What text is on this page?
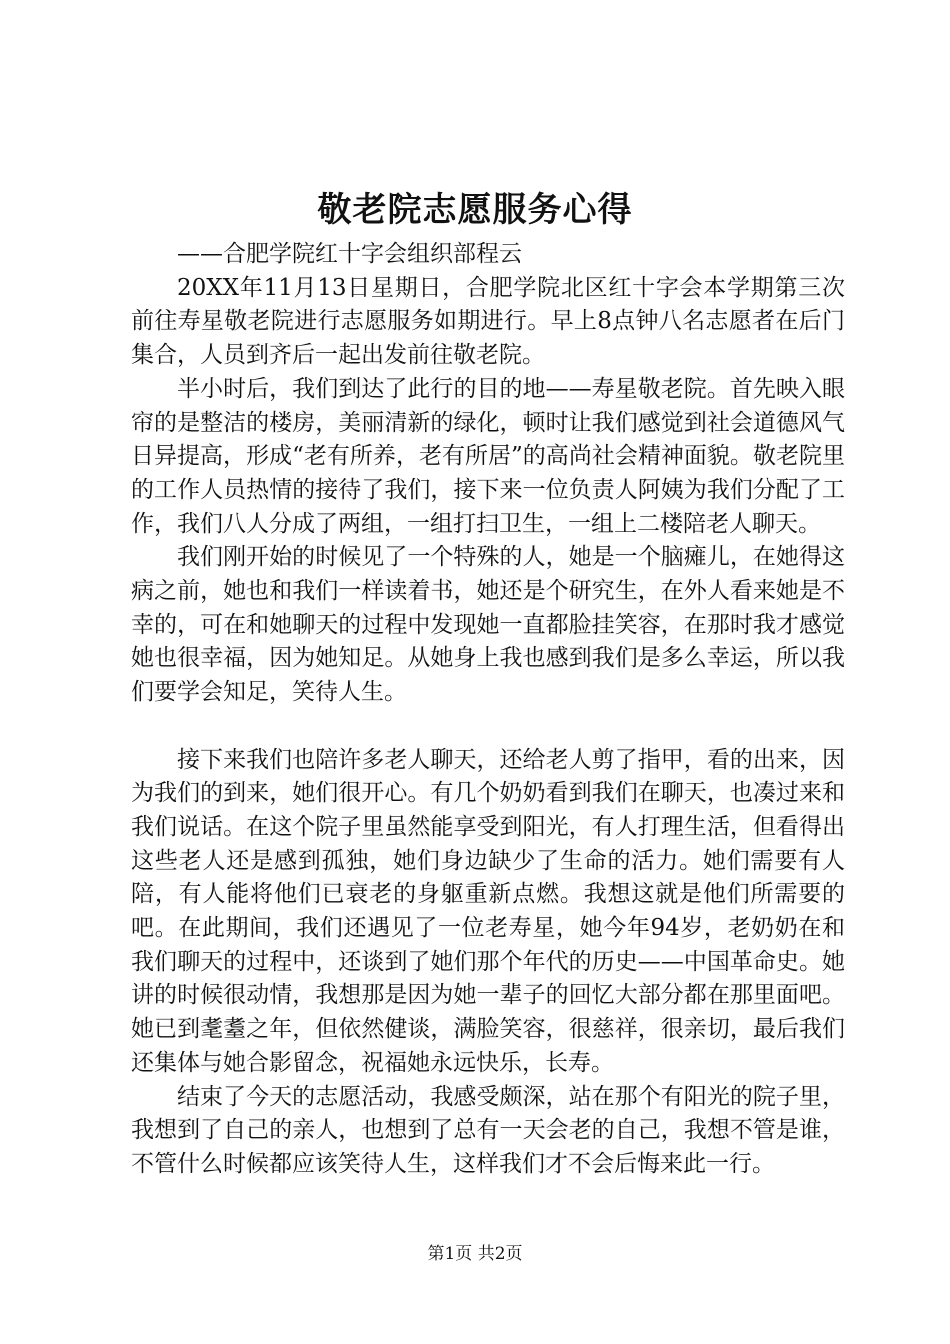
敬老院志愿服务心得

——合肥学院红十字会组织部程云

20XX年11月13日星期日，合肥学院北区红十字会本学期第三次前往寿星敬老院进行志愿服务如期进行。早上8点钟八名志愿者在后门集合，人员到齐后一起出发前往敬老院。

半小时后，我们到达了此行的目的地——寿星敬老院。首先映入眼帘的是整洁的楼房，美丽清新的绿化，顿时让我们感觉到社会道德风气日异提高，形成“老有所养，老有所居”的高尚社会精神面貌。敬老院里的工作人员热情的接待了我们，接下来一位负责人阿姨为我们分配了工作，我们八人分成了两组，一组打扫卫生，一组上二楼陪老人聊天。

我们刚开始的时候见了一个特殊的人，她是一个脑瘫儿，在她得这病之前，她也和我们一样读着书，她还是个研究生，在外人看来她是不幸的，可在和她聊天的过程中发现她一直都脸挂笑容，在那时我才感觉她也很幸福，因为她知足。从她身上我也感到我们是多么幸运，所以我们要学会知足，笑待人生。

接下来我们也陪许多老人聊天，还给老人剪了指甲，看的出来，因为我们的到来，她们很开心。有几个奶奶看到我们在聊天，也凑过来和我们说话。在这个院子里虽然能享受到阳光，有人打理生活，但看得出这些老人还是感到孤独，她们身边缺少了生命的活力。她们需要有人陪，有人能将他们已衰老的身躯重新点燃。我想这就是他们所需要的吧。在此期间，我们还遇见了一位老寿星，她今年94岁，老奶奶在和我们聊天的过程中，还谈到了她们那个年代的历史——中国革命史。她讲的时候很动情，我想那是因为她一辈子的回忆大部分都在那里面吧。她已到耄耋之年，但依然健谈，满脸笑容，很慈祥，很亲切，最后我们还集体与她合影留念，祝福她永远快乐，长寿。

结束了今天的志愿活动，我感受颇深，站在那个有阳光的院子里，我想到了自己的亲人，也想到了总有一天会老的自己，我想不管是谁，不管什么时候都应该笑待人生，这样我们才不会后悔来此一行。

第1页 共2页
